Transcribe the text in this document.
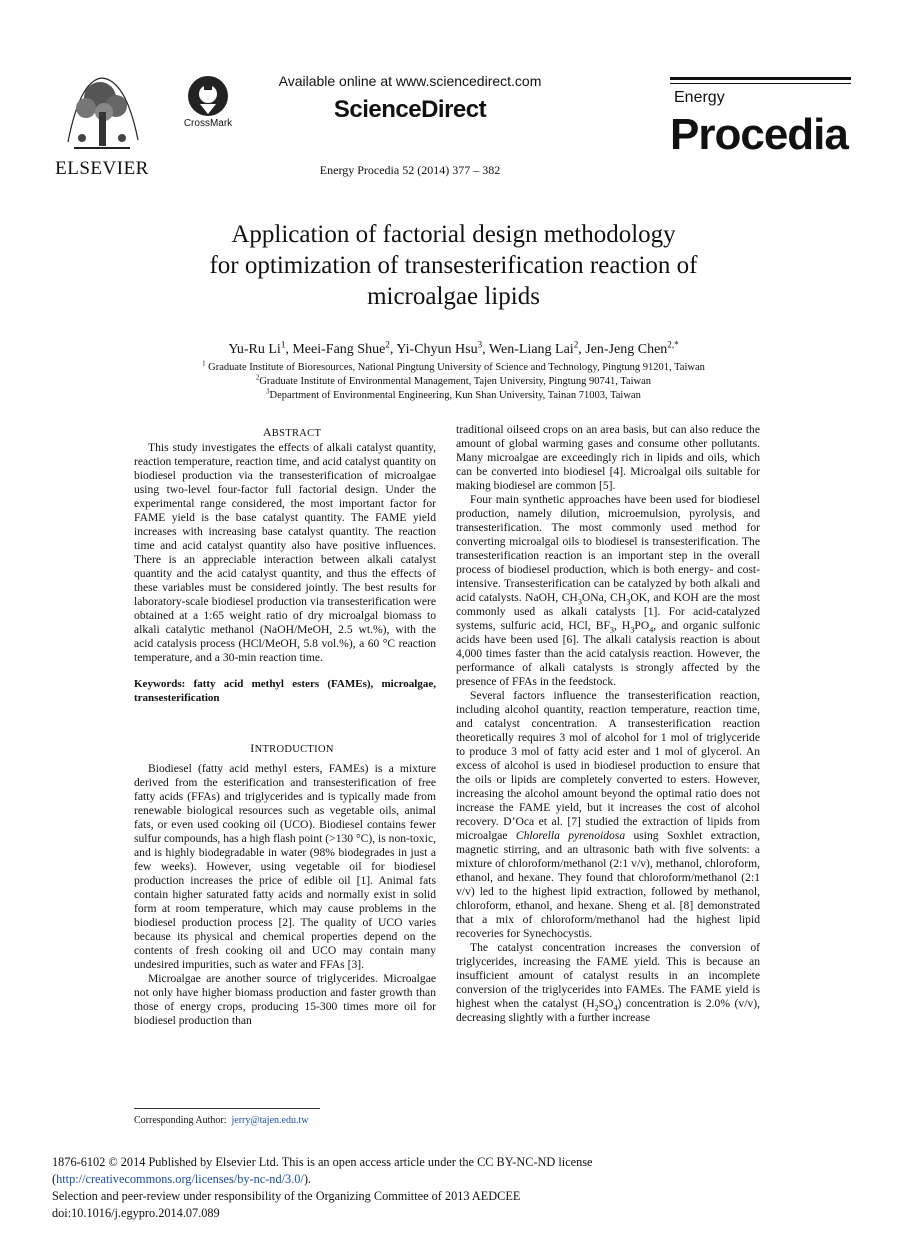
ELSEVIER
CrossMark
Available online at www.sciencedirect.com
ScienceDirect
Energy Procedia 52 (2014) 377 – 382
Energy
Procedia
Application of factorial design methodology
for optimization of transesterification reaction of
microalgae lipids
Yu-Ru Li$^1$, Meei-Fang Shue$^2$, Yi-Chyun Hsu$^3$, Wen-Liang Lai$^2$, Jen-Jeng Chen$^{2,*}$
$^1$ Graduate Institute of Bioresources, National Pingtung University of Science and Technology, Pingtung 91201, Taiwan
$^2$Graduate Institute of Environmental Management, Tajen University, Pingtung 90741, Taiwan
$^3$Department of Environmental Engineering, Kun Shan University, Tainan 71003, Taiwan

ABSTRACT

This study investigates the effects of alkali catalyst quantity, reaction temperature, reaction time, and acid catalyst quantity on biodiesel production via the transesterification of microalgae using two-level four-factor full factorial design. Under the experimental range considered, the most important factor for FAME yield is the base catalyst quantity. The FAME yield increases with increasing base catalyst quantity. The reaction time and acid catalyst quantity also have positive influences. There is an appreciable interaction between alkali catalyst quantity and the acid catalyst quantity, and thus the effects of these variables must be considered jointly. The best results for laboratory-scale biodiesel production via transesterification were obtained at a 1:65 weight ratio of dry microalgal biomass to alkali catalytic methanol (NaOH/MeOH, 2.5 wt.%), with the acid catalysis process (HCl/MeOH, 5.8 vol.%), a 60 °C reaction temperature, and a 30-min reaction time.

Keywords: fatty acid methyl esters (FAMEs), microalgae, transesterification

INTRODUCTION

Biodiesel (fatty acid methyl esters, FAMEs) is a mixture derived from the esterification and transesterification of free fatty acids (FFAs) and triglycerides and is typically made from renewable biological resources such as vegetable oils, animal fats, or even used cooking oil (UCO). Biodiesel contains fewer sulfur compounds, has a high flash point (>130 °C), is non-toxic, and is highly biodegradable in water (98% biodegrades in just a few weeks). However, using vegetable oil for biodiesel production increases the price of edible oil [1]. Animal fats contain higher saturated fatty acids and normally exist in solid form at room temperature, which may cause problems in the biodiesel production process [2]. The quality of UCO varies because its physical and chemical properties depend on the contents of fresh cooking oil and UCO may contain many undesired impurities, such as water and FFAs [3].

Microalgae are another source of triglycerides. Microalgae not only have higher biomass production and faster growth than those of energy crops, producing 15-300 times more oil for biodiesel production than

traditional oilseed crops on an area basis, but can also reduce the amount of global warming gases and consume other pollutants. Many microalgae are exceedingly rich in lipids and oils, which can be converted into biodiesel [4]. Microalgal oils suitable for making biodiesel are common [5].

Four main synthetic approaches have been used for biodiesel production, namely dilution, microemulsion, pyrolysis, and transesterification. The most commonly used method for converting microalgal oils to biodiesel is transesterification. The transesterification reaction is an important step in the overall process of biodiesel production, which is both energy- and cost-intensive. Transesterification can be catalyzed by both alkali and acid catalysts. NaOH, $CH_3ONa$, $CH_3OK$, and KOH are the most commonly used as alkali catalysts [1]. For acid-catalyzed systems, sulfuric acid, HCl, $BF_3$, $H_3PO_4$, and organic sulfonic acids have been used [6]. The alkali catalysis reaction is about 4,000 times faster than the acid catalysis reaction. However, the performance of alkali catalysts is strongly affected by the presence of FFAs in the feedstock.

Several factors influence the transesterification reaction, including alcohol quantity, reaction temperature, reaction time, and catalyst concentration. A transesterification reaction theoretically requires 3 mol of alcohol for 1 mol of triglyceride to produce 3 mol of fatty acid ester and 1 mol of glycerol. An excess of alcohol is used in biodiesel production to ensure that the oils or lipids are completely converted to esters. However, increasing the alcohol amount beyond the optimal ratio does not increase the FAME yield, but it increases the cost of alcohol recovery. D’Oca et al. [7] studied the extraction of lipids from microalgae Chlorella pyrenoidosa using Soxhlet extraction, magnetic stirring, and an ultrasonic bath with five solvents: a mixture of chloroform/methanol (2:1 v/v), methanol, chloroform, ethanol, and hexane. They found that chloroform/methanol (2:1 v/v) led to the highest lipid extraction, followed by methanol, chloroform, ethanol, and hexane. Sheng et al. [8] demonstrated that a mix of chloroform/methanol had the highest lipid recoveries for Synechocystis.

The catalyst concentration increases the conversion of triglycerides, increasing the FAME yield. This is because an insufficient amount of catalyst results in an incomplete conversion of the triglycerides into FAMEs. The FAME yield is highest when the catalyst $(H_2SO_4)$ concentration is 2.0% (v/v), decreasing slightly with a further increase

Corresponding Author: jerry@tajen.edu.tw
1876-6102 © 2014 Published by Elsevier Ltd. This is an open access article under the CC BY-NC-ND license
(http://creativecommons.org/licenses/by-nc-nd/3.0/).
Selection and peer-review under responsibility of the Organizing Committee of 2013 AEDCEE
doi:10.1016/j.egypro.2014.07.089
